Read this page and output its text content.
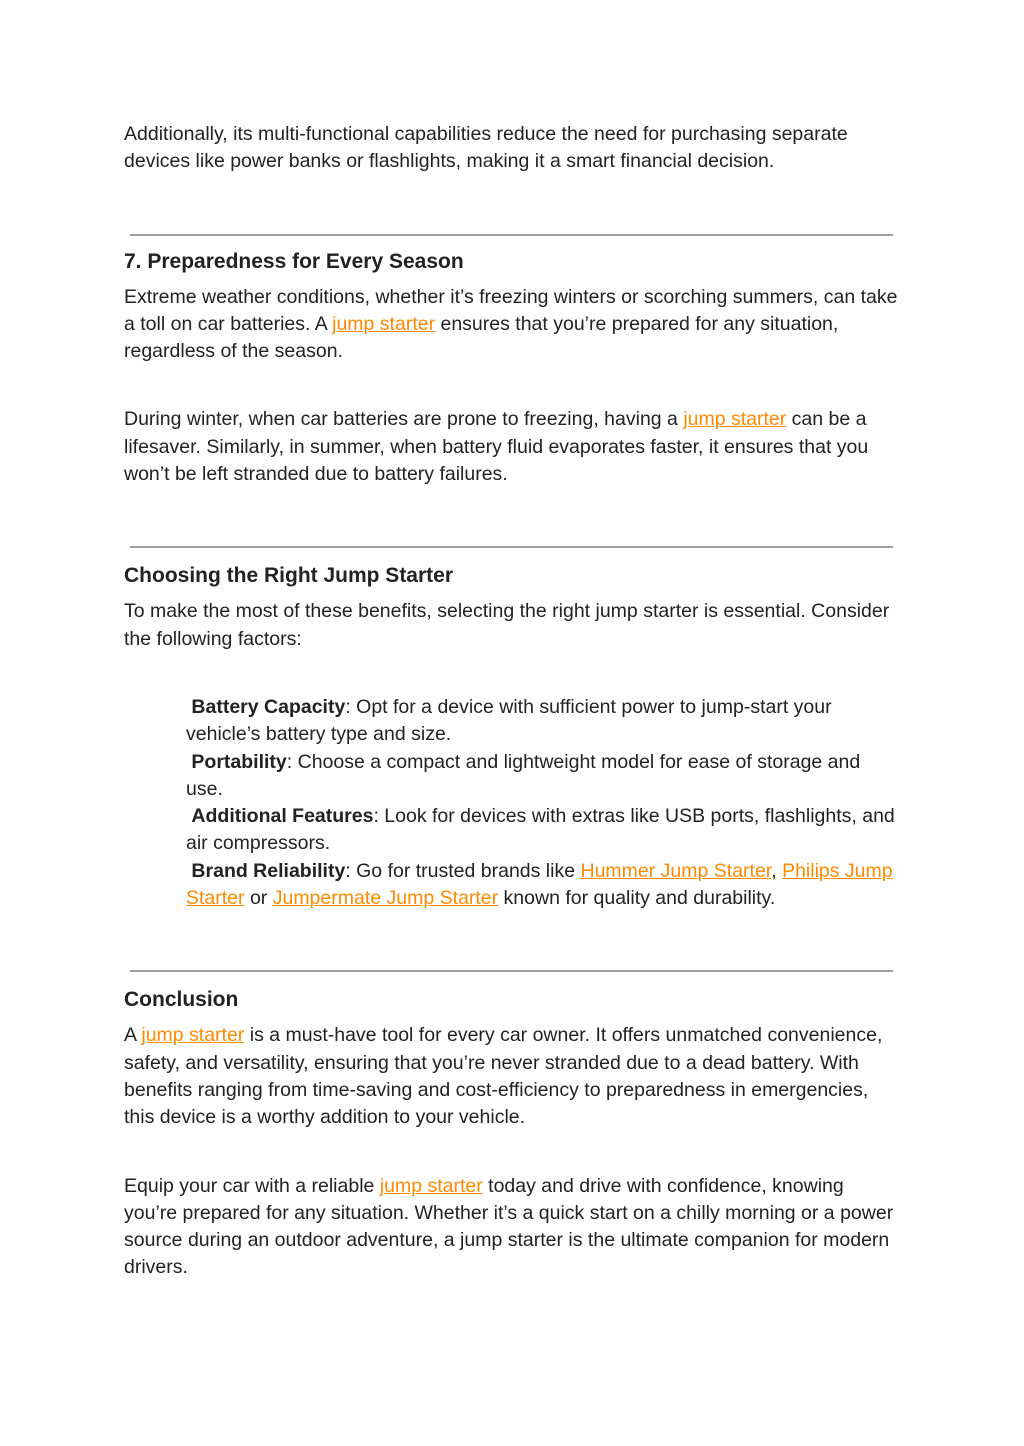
Additionally, its multi-functional capabilities reduce the need for purchasing separate devices like power banks or flashlights, making it a smart financial decision.

7. Preparedness for Every Season

Extreme weather conditions, whether it’s freezing winters or scorching summers, can take a toll on car batteries. A jump starter ensures that you’re prepared for any situation, regardless of the season.

During winter, when car batteries are prone to freezing, having a jump starter can be a lifesaver. Similarly, in summer, when battery fluid evaporates faster, it ensures that you won’t be left stranded due to battery failures.

Choosing the Right Jump Starter

To make the most of these benefits, selecting the right jump starter is essential. Consider the following factors:

Battery Capacity: Opt for a device with sufficient power to jump-start your vehicle’s battery type and size.
Portability: Choose a compact and lightweight model for ease of storage and use.
Additional Features: Look for devices with extras like USB ports, flashlights, and air compressors.
Brand Reliability: Go for trusted brands like Hummer Jump Starter, Philips Jump Starter or Jumpermate Jump Starter known for quality and durability.
Conclusion

A jump starter is a must-have tool for every car owner. It offers unmatched convenience, safety, and versatility, ensuring that you’re never stranded due to a dead battery. With benefits ranging from time-saving and cost-efficiency to preparedness in emergencies, this device is a worthy addition to your vehicle.

Equip your car with a reliable jump starter today and drive with confidence, knowing you’re prepared for any situation. Whether it’s a quick start on a chilly morning or a power source during an outdoor adventure, a jump starter is the ultimate companion for modern drivers.
